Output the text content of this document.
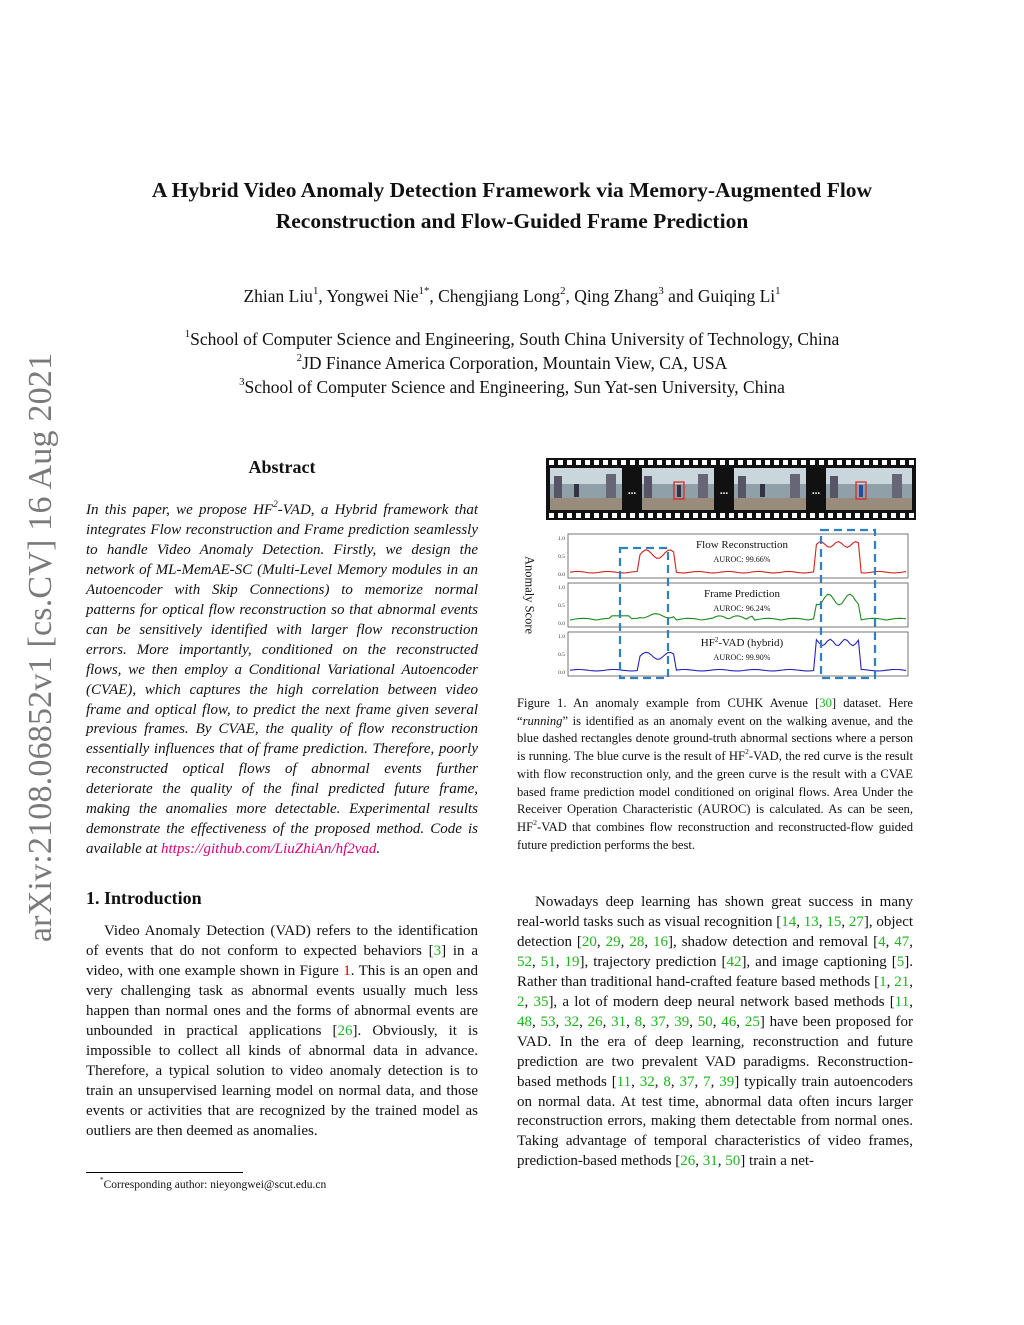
arXiv:2108.06852v1 [cs.CV] 16 Aug 2021
A Hybrid Video Anomaly Detection Framework via Memory-Augmented Flow
Reconstruction and Flow-Guided Frame Prediction
Zhian Liu$^1$, Yongwei Nie$^{1*}$, Chengjiang Long$^2$, Qing Zhang$^3$ and Guiqing Li$^1$
$^1$School of Computer Science and Engineering, South China University of Technology, China
$^2$JD Finance America Corporation, Mountain View, CA, USA
$^3$School of Computer Science and Engineering, Sun Yat-sen University, China
Abstract
In this paper, we propose $HF^2$-VAD, a Hybrid framework that integrates Flow reconstruction and Frame prediction seamlessly to handle Video Anomaly Detection. Firstly, we design the network of ML-MemAE-SC (Multi-Level Memory modules in an Autoencoder with Skip Connections) to memorize normal patterns for optical flow reconstruction so that abnormal events can be sensitively identified with larger flow reconstruction errors. More importantly, conditioned on the reconstructed flows, we then employ a Conditional Variational Autoencoder (CVAE), which captures the high correlation between video frame and optical flow, to predict the next frame given several previous frames. By CVAE, the quality of flow reconstruction essentially influences that of frame prediction. Therefore, poorly reconstructed optical flows of abnormal events further deteriorate the quality of the final predicted future frame, making the anomalies more detectable. Experimental results demonstrate the effectiveness of the proposed method. Code is available at https://github.com/LiuZhiAn/hf2vad.
1. Introduction
Video Anomaly Detection (VAD) refers to the identification of events that do not conform to expected behaviors [3] in a video, with one example shown in Figure 1. This is an open and very challenging task as abnormal events usually much less happen than normal ones and the forms of abnormal events are unbounded in practical applications [26]. Obviously, it is impossible to collect all kinds of abnormal data in advance. Therefore, a typical solution to video anomaly detection is to train an unsupervised learning model on normal data, and those events or activities that are recognized by the trained model as outliers are then deemed as anomalies.
*Corresponding author: nieyongwei@scut.edu.cn
Anomaly Score
...	...	...
1.0
0.5
0.0
Flow Reconstruction
AUROC: 99.66%
1.0
0.5
0.0
Frame Prediction
AUROC: 96.24%
1.0
0.5
0.0
$HF^2$-VAD (hybrid)
AUROC: 99.90%
Figure 1. An anomaly example from CUHK Avenue [30] dataset. Here “running” is identified as an anomaly event on the walking avenue, and the blue dashed rectangles denote ground-truth abnormal sections where a person is running. The blue curve is the result of $HF^2$-VAD, the red curve is the result with flow reconstruction only, and the green curve is the result with a CVAE based frame prediction model conditioned on original flows. Area Under the Receiver Operation Characteristic (AUROC) is calculated. As can be seen, $HF^2$-VAD that combines flow reconstruction and reconstructed-flow guided future prediction performs the best.
Nowadays deep learning has shown great success in many real-world tasks such as visual recognition [14, 13, 15, 27], object detection [20, 29, 28, 16], shadow detection and removal [4, 47, 52, 51, 19], trajectory prediction [42], and image captioning [5]. Rather than traditional hand-crafted feature based methods [1, 21, 2, 35], a lot of modern deep neural network based methods [11, 48, 53, 32, 26, 31, 8, 37, 39, 50, 46, 25] have been proposed for VAD. In the era of deep learning, reconstruction and future prediction are two prevalent VAD paradigms. Reconstruction-based methods [11, 32, 8, 37, 7, 39] typically train autoencoders on normal data. At test time, abnormal data often incurs larger reconstruction errors, making them detectable from normal ones. Taking advantage of temporal characteristics of video frames, prediction-based methods [26, 31, 50] train a net-
